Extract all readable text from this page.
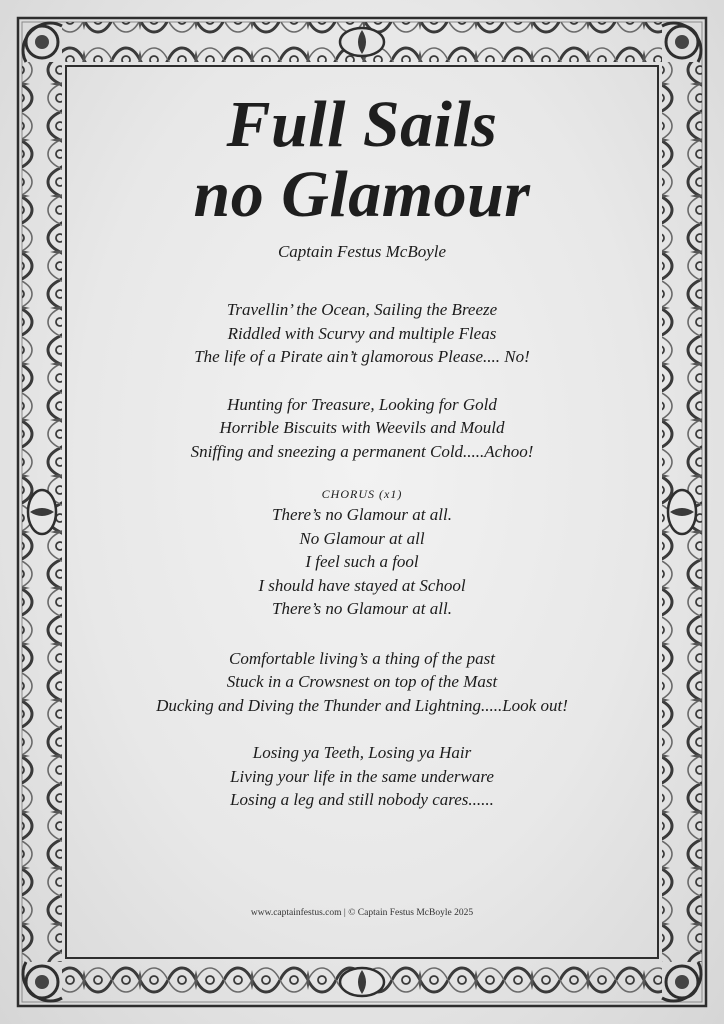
Full Sails
no Glamour
Captain Festus McBoyle
Travellin’ the Ocean, Sailing the Breeze
Riddled with Scurvy and multiple Fleas
The life of a Pirate ain’t glamorous Please.... No!
Hunting for Treasure, Looking for Gold
Horrible Biscuits with Weevils and Mould
Sniffing and sneezing a permanent Cold.....Achoo!
CHORUS (x1)
There’s no Glamour at all.
No Glamour at all
I feel such a fool
I should have stayed at School
There’s no Glamour at all.
Comfortable living’s a thing of the past
Stuck in a Crowsnest on top of the Mast
Ducking and Diving the Thunder and Lightning.....Look out!
Losing ya Teeth, Losing ya Hair
Living your life in the same underware
Losing a leg and still nobody cares......
www.captainfestus.com | © Captain Festus McBoyle 2025
